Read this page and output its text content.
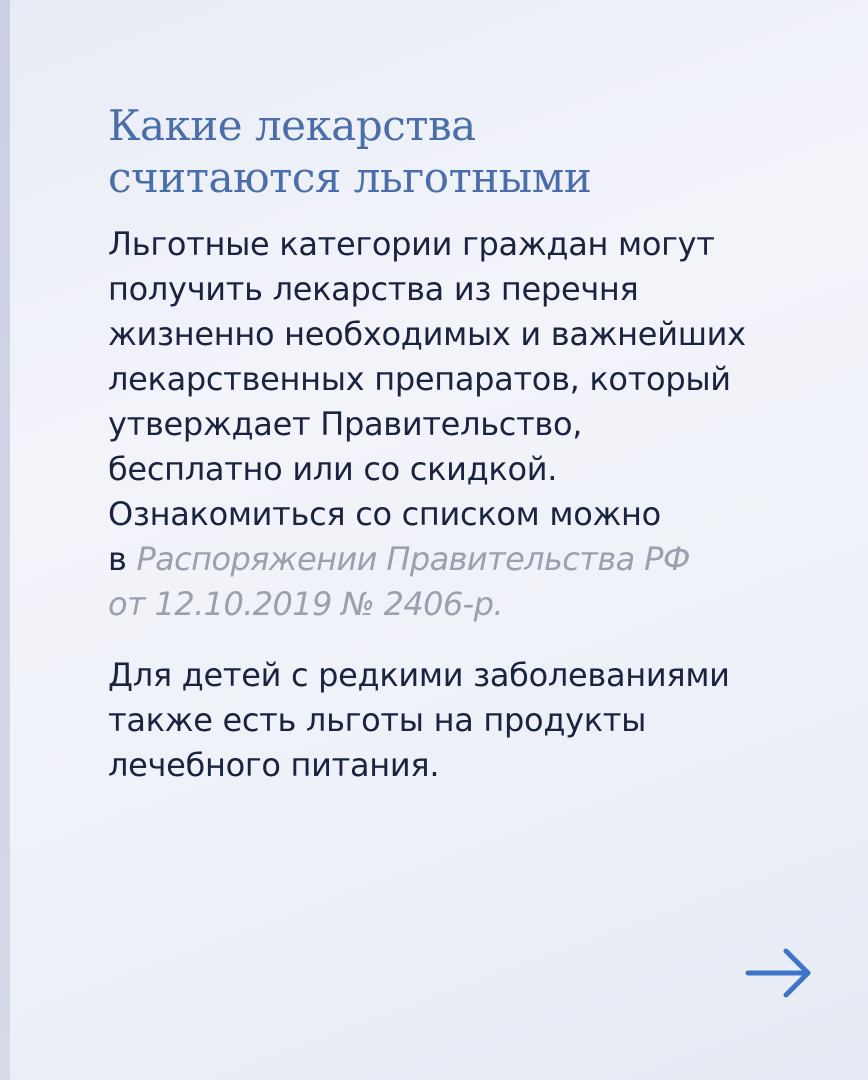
Какие лекарства
считаются льготными
Льготные категории граждан могут
получить лекарства из перечня
жизненно необходимых и важнейших
лекарственных препаратов, который
утверждает Правительство,
бесплатно или со скидкой.
Ознакомиться со списком можно
в Распоряжении Правительства РФ
от 12.10.2019 № 2406-р.
Для детей с редкими заболеваниями
также есть льготы на продукты
лечебного питания.
